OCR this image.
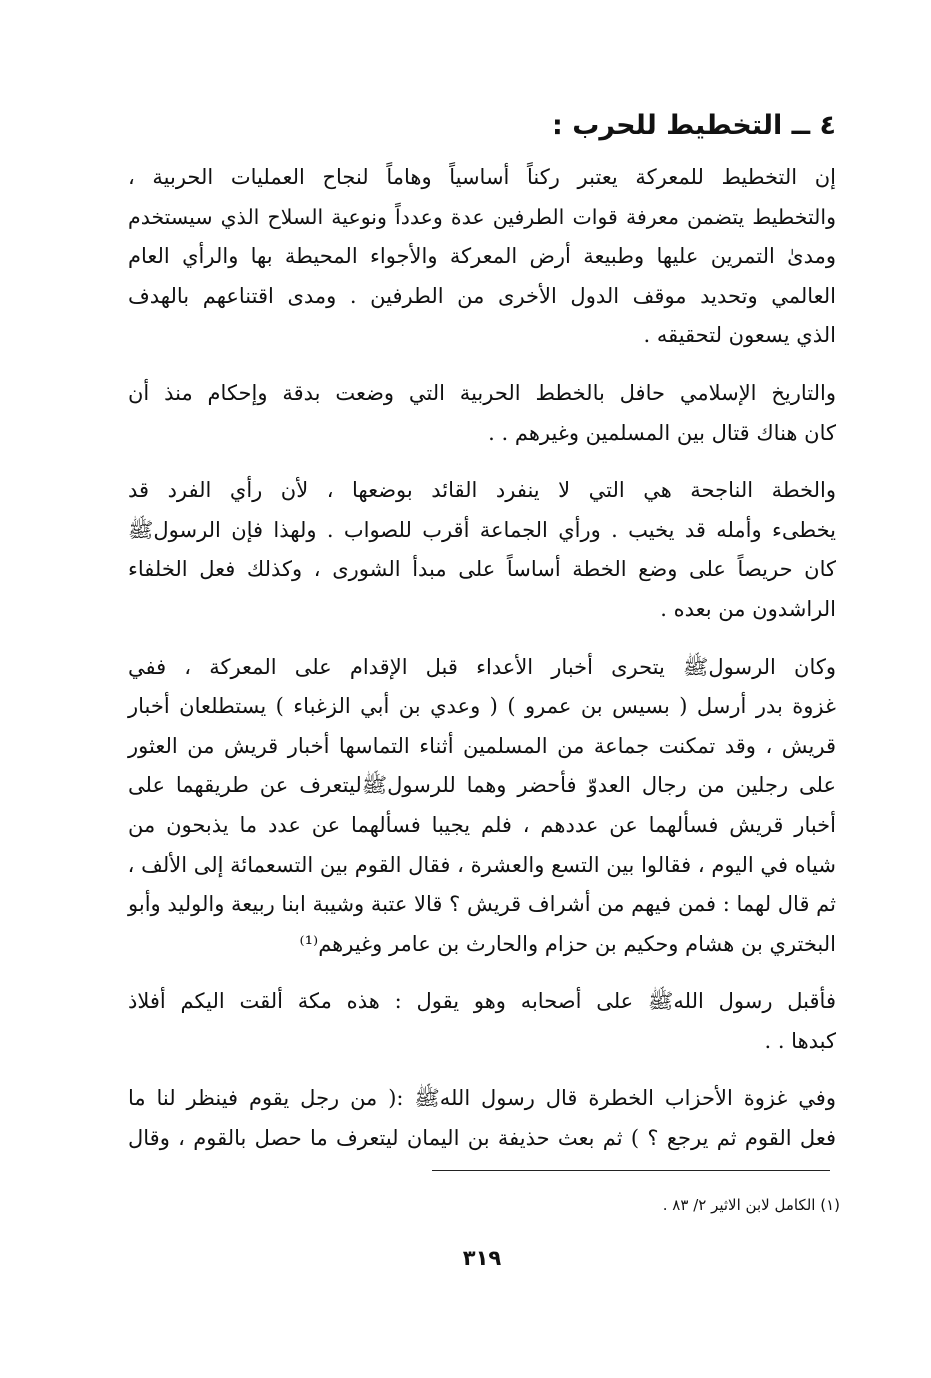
٤ ــ التخطيط للحرب :
إن التخطيط للمعركة يعتبر ركناً أساسياً وهاماً لنجاح العمليات الحربية ،
والتخطيط يتضمن معرفة قوات الطرفين عدة وعدداً ونوعية السلاح الذي سيستخدم
ومدىٰ التمرين عليها وطبيعة أرض المعركة والأجواء المحيطة بها والرأي العام
العالمي وتحديد موقف الدول الأخرى من الطرفين . ومدى اقتناعهم بالهدف
الذي يسعون لتحقيقه .
والتاريخ الإسلامي حافل بالخطط الحربية التي وضعت بدقة وإحكام منذ أن
كان هناك قتال بين المسلمين وغيرهم . .
والخطة الناجحة هي التي لا ينفرد القائد بوضعها ، لأن رأي الفرد قد
يخطىء وأمله قد يخيب . ورأي الجماعة أقرب للصواب . ولهذا فإن الرسولﷺ
كان حريصاً على وضع الخطة أساساً على مبدأ الشورى ، وكذلك فعل الخلفاء
الراشدون من بعده .
وكان الرسولﷺ يتحرى أخبار الأعداء قبل الإقدام على المعركة ، ففي
غزوة بدر أرسل ( بسيس بن عمرو ) ( وعدي بن أبي الزغباء ) يستطلعان أخبار
قريش ، وقد تمكنت جماعة من المسلمين أثناء التماسها أخبار قريش من العثور
على رجلين من رجال العدوّ فأحضر وهما للرسولﷺليتعرف عن طريقهما على
أخبار قريش فسألهما عن عددهم ، فلم يجيبا فسألهما عن عدد ما يذبحون من
شياه في اليوم ، فقالوا بين التسع والعشرة ، فقال القوم بين التسعمائة إلى الألف ،
ثم قال لهما : فمن فيهم من أشراف قريش ؟ قالا عتبة وشيبة ابنا ربيعة والوليد وأبو
البختري بن هشام وحكيم بن حزام والحارث بن عامر وغيرهم⁽¹⁾
فأقبل رسول اللهﷺ على أصحابه وهو يقول : هذه مكة ألقت اليكم أفلاذ
كبدها . .
وفي غزوة الأحزاب الخطرة قال رسول اللهﷺ :( من رجل يقوم فينظر لنا ما
فعل القوم ثم يرجع ؟ ) ثم بعث حذيفة بن اليمان ليتعرف ما حصل بالقوم ، وقال
(١) الكامل لابن الاثير ٢/ ٨٣ .
٣١٩
